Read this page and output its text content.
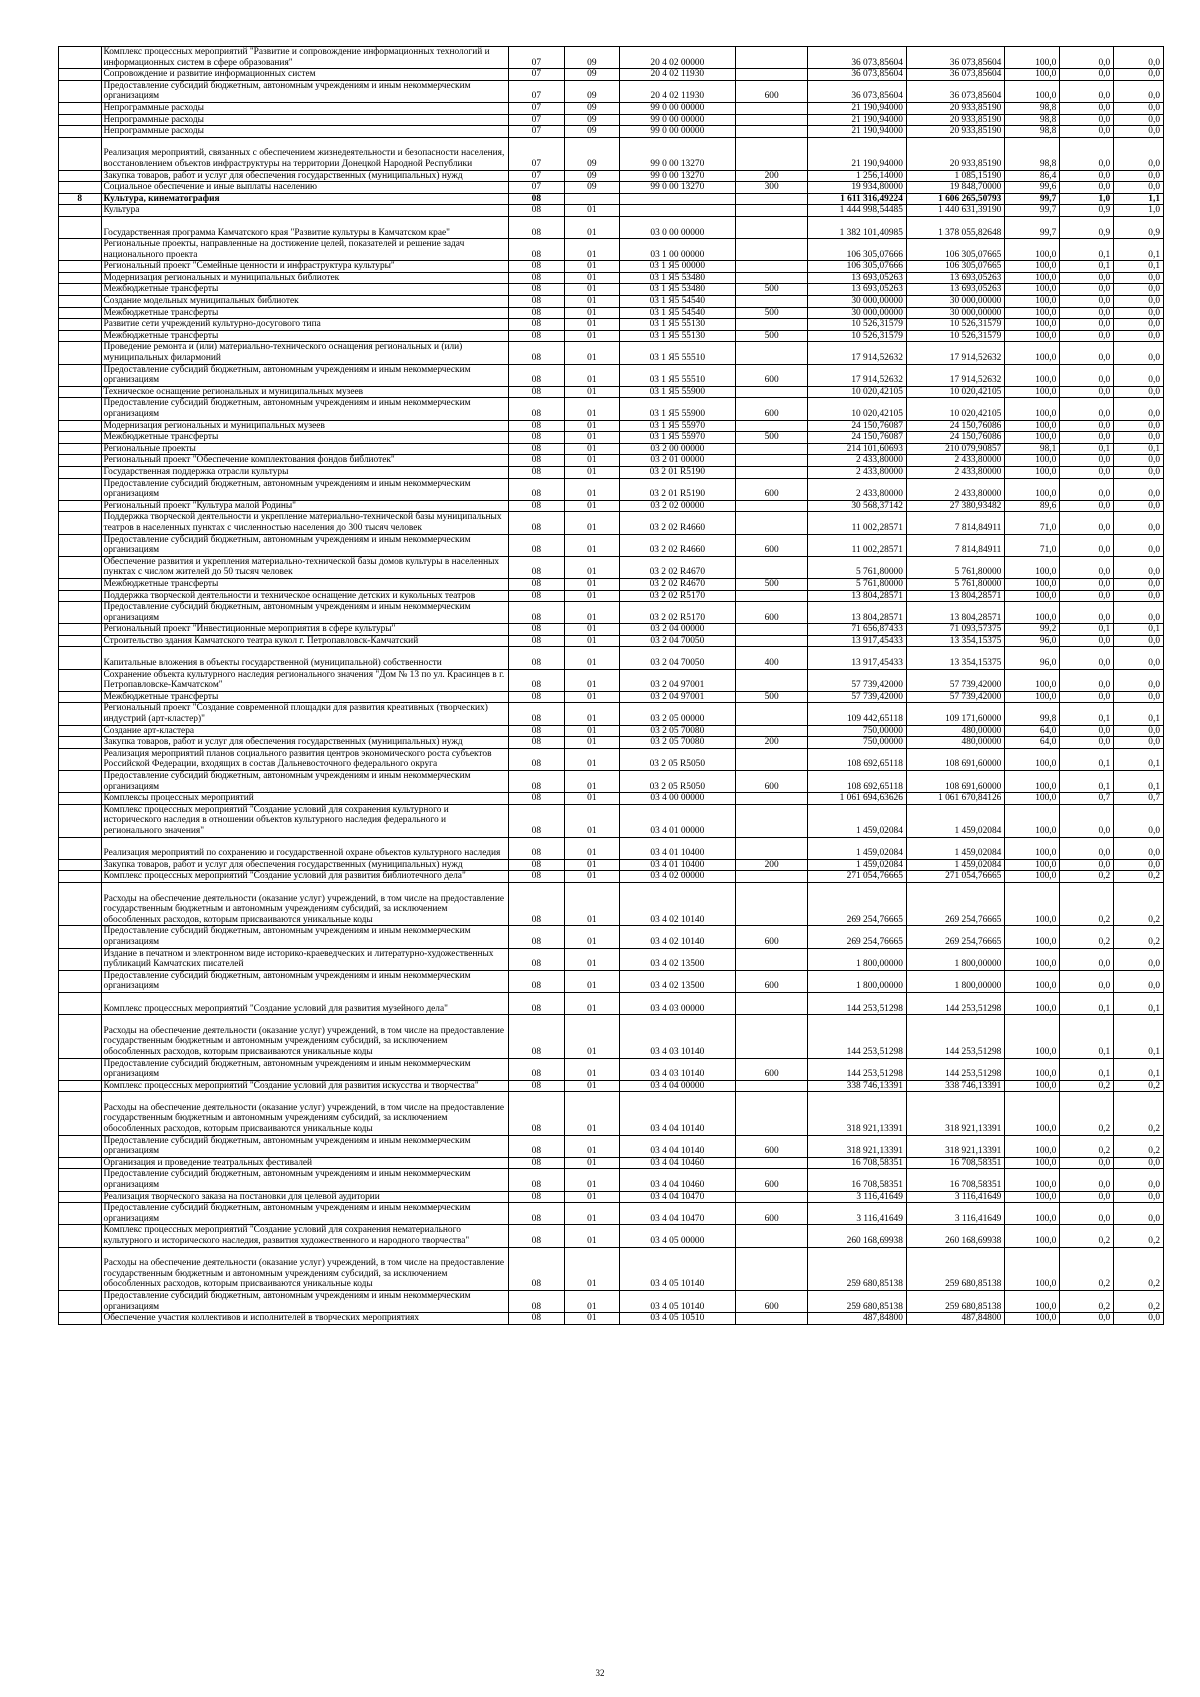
	Комплекс процессных мероприятий "Развитие и сопровождение информационных технологий и информационных систем в сфере образования"	07	09	20 4 02 00000		36 073,85604	36 073,85604	100,0	0,0	0,0
	Сопровождение и развитие информационных систем	07	09	20 4 02 11930		36 073,85604	36 073,85604	100,0	0,0	0,0
	Предоставление субсидий бюджетным, автономным учреждениям и иным некоммерческим организациям	07	09	20 4 02 11930	600	36 073,85604	36 073,85604	100,0	0,0	0,0
	Непрограммные расходы	07	09	99 0 00 00000		21 190,94000	20 933,85190	98,8	0,0	0,0
	Непрограммные расходы	07	09	99 0 00 00000		21 190,94000	20 933,85190	98,8	0,0	0,0
	Непрограммные расходы	07	09	99 0 00 00000		21 190,94000	20 933,85190	98,8	0,0	0,0
	Реализация мероприятий, связанных с обеспечением жизнедеятельности и безопасности населения, восстановлением объектов инфраструктуры на территории Донецкой Народной Республики	07	09	99 0 00 13270		21 190,94000	20 933,85190	98,8	0,0	0,0
	Закупка товаров, работ и услуг для обеспечения государственных (муниципальных) нужд	07	09	99 0 00 13270	200	1 256,14000	1 085,15190	86,4	0,0	0,0
	Социальное обеспечение и иные выплаты населению	07	09	99 0 00 13270	300	19 934,80000	19 848,70000	99,6	0,0	0,0
8	Культура, кинематография	08				1 611 316,49224	1 606 265,50793	99,7	1,0	1,1
	Культура	08	01			1 444 998,54485	1 440 631,39190	99,7	0,9	1,0
	Государственная программа Камчатского края "Развитие культуры в Камчатском крае"	08	01	03 0 00 00000		1 382 101,40985	1 378 055,82648	99,7	0,9	0,9
	Региональные проекты, направленные на достижение целей, показателей и решение задач национального проекта	08	01	03 1 00 00000		106 305,07666	106 305,07665	100,0	0,1	0,1
	Региональный проект "Семейные ценности и инфраструктура культуры"	08	01	03 1 Я5 00000		106 305,07666	106 305,07665	100,0	0,1	0,1
	Модернизация региональных и муниципальных библиотек	08	01	03 1 Я5 53480		13 693,05263	13 693,05263	100,0	0,0	0,0
	Межбюджетные трансферты	08	01	03 1 Я5 53480	500	13 693,05263	13 693,05263	100,0	0,0	0,0
	Создание модельных муниципальных библиотек	08	01	03 1 Я5 54540		30 000,00000	30 000,00000	100,0	0,0	0,0
	Межбюджетные трансферты	08	01	03 1 Я5 54540	500	30 000,00000	30 000,00000	100,0	0,0	0,0
	Развитие сети учреждений культурно-досугового типа	08	01	03 1 Я5 55130		10 526,31579	10 526,31579	100,0	0,0	0,0
	Межбюджетные трансферты	08	01	03 1 Я5 55130	500	10 526,31579	10 526,31579	100,0	0,0	0,0
	Проведение ремонта и (или) материально-технического оснащения региональных и (или) муниципальных филармоний	08	01	03 1 Я5 55510		17 914,52632	17 914,52632	100,0	0,0	0,0
	Предоставление субсидий бюджетным, автономным учреждениям и иным некоммерческим организациям	08	01	03 1 Я5 55510	600	17 914,52632	17 914,52632	100,0	0,0	0,0
	Техническое оснащение региональных и муниципальных музеев	08	01	03 1 Я5 55900		10 020,42105	10 020,42105	100,0	0,0	0,0
	Предоставление субсидий бюджетным, автономным учреждениям и иным некоммерческим организациям	08	01	03 1 Я5 55900	600	10 020,42105	10 020,42105	100,0	0,0	0,0
	Модернизация региональных и муниципальных музеев	08	01	03 1 Я5 55970		24 150,76087	24 150,76086	100,0	0,0	0,0
	Межбюджетные трансферты	08	01	03 1 Я5 55970	500	24 150,76087	24 150,76086	100,0	0,0	0,0
	Региональные проекты	08	01	03 2 00 00000		214 101,60693	210 079,90857	98,1	0,1	0,1
	Региональный проект "Обеспечение комплектования фондов библиотек"	08	01	03 2 01 00000		2 433,80000	2 433,80000	100,0	0,0	0,0
	Государственная поддержка отрасли культуры	08	01	03 2 01 R5190		2 433,80000	2 433,80000	100,0	0,0	0,0
	Предоставление субсидий бюджетным, автономным учреждениям и иным некоммерческим организациям	08	01	03 2 01 R5190	600	2 433,80000	2 433,80000	100,0	0,0	0,0
	Региональный проект "Культура малой Родины"	08	01	03 2 02 00000		30 568,37142	27 380,93482	89,6	0,0	0,0
	Поддержка творческой деятельности и укрепление материально-технической базы муниципальных театров в населенных пунктах с численностью населения до 300 тысяч человек	08	01	03 2 02 R4660		11 002,28571	7 814,84911	71,0	0,0	0,0
	Предоставление субсидий бюджетным, автономным учреждениям и иным некоммерческим организациям	08	01	03 2 02 R4660	600	11 002,28571	7 814,84911	71,0	0,0	0,0
	Обеспечение развития и укрепления материально-технической базы домов культуры в населенных пунктах с числом жителей до 50 тысяч человек	08	01	03 2 02 R4670		5 761,80000	5 761,80000	100,0	0,0	0,0
	Межбюджетные трансферты	08	01	03 2 02 R4670	500	5 761,80000	5 761,80000	100,0	0,0	0,0
	Поддержка творческой деятельности и техническое оснащение детских и кукольных театров	08	01	03 2 02 R5170		13 804,28571	13 804,28571	100,0	0,0	0,0
	Предоставление субсидий бюджетным, автономным учреждениям и иным некоммерческим организациям	08	01	03 2 02 R5170	600	13 804,28571	13 804,28571	100,0	0,0	0,0
	Региональный проект "Инвестиционные мероприятия в сфере культуры"	08	01	03 2 04 00000		71 656,87433	71 093,57375	99,2	0,1	0,1
	Строительство здания Камчатского театра кукол г. Петропавловск-Камчатский	08	01	03 2 04 70050		13 917,45433	13 354,15375	96,0	0,0	0,0
	Капитальные вложения в объекты государственной (муниципальной) собственности	08	01	03 2 04 70050	400	13 917,45433	13 354,15375	96,0	0,0	0,0
	Сохранение объекта культурного наследия регионального значения "Дом № 13 по ул. Красинцев в г. Петропавловске-Камчатском"	08	01	03 2 04 97001		57 739,42000	57 739,42000	100,0	0,0	0,0
	Межбюджетные трансферты	08	01	03 2 04 97001	500	57 739,42000	57 739,42000	100,0	0,0	0,0
	Региональный проект "Создание современной площадки для развития креативных (творческих) индустрий (арт-кластер)"	08	01	03 2 05 00000		109 442,65118	109 171,60000	99,8	0,1	0,1
	Создание арт-кластера	08	01	03 2 05 70080		750,00000	480,00000	64,0	0,0	0,0
	Закупка товаров, работ и услуг для обеспечения государственных (муниципальных) нужд	08	01	03 2 05 70080	200	750,00000	480,00000	64,0	0,0	0,0
	Реализация мероприятий планов социального развития центров экономического роста субъектов Российской Федерации, входящих в состав Дальневосточного федерального округа	08	01	03 2 05 R5050		108 692,65118	108 691,60000	100,0	0,1	0,1
	Предоставление субсидий бюджетным, автономным учреждениям и иным некоммерческим организациям	08	01	03 2 05 R5050	600	108 692,65118	108 691,60000	100,0	0,1	0,1
	Комплексы процессных мероприятий	08	01	03 4 00 00000		1 061 694,63626	1 061 670,84126	100,0	0,7	0,7
	Комплекс процессных мероприятий "Создание условий для сохранения культурного и исторического наследия в отношении объектов культурного наследия федерального и регионального значения"	08	01	03 4 01 00000		1 459,02084	1 459,02084	100,0	0,0	0,0
	Реализация мероприятий по сохранению и государственной охране объектов культурного наследия	08	01	03 4 01 10400		1 459,02084	1 459,02084	100,0	0,0	0,0
	Закупка товаров, работ и услуг для обеспечения государственных (муниципальных) нужд	08	01	03 4 01 10400	200	1 459,02084	1 459,02084	100,0	0,0	0,0
	Комплекс процессных мероприятий "Создание условий для развития библиотечного дела"	08	01	03 4 02 00000		271 054,76665	271 054,76665	100,0	0,2	0,2
	Расходы на обеспечение деятельности (оказание услуг) учреждений, в том числе на предоставление государственным бюджетным и автономным учреждениям субсидий, за исключением обособленных расходов, которым присваиваются уникальные коды	08	01	03 4 02 10140		269 254,76665	269 254,76665	100,0	0,2	0,2
	Предоставление субсидий бюджетным, автономным учреждениям и иным некоммерческим организациям	08	01	03 4 02 10140	600	269 254,76665	269 254,76665	100,0	0,2	0,2
	Издание в печатном и электронном виде историко-краеведческих и литературно-художественных публикаций Камчатских писателей	08	01	03 4 02 13500		1 800,00000	1 800,00000	100,0	0,0	0,0
	Предоставление субсидий бюджетным, автономным учреждениям и иным некоммерческим организациям	08	01	03 4 02 13500	600	1 800,00000	1 800,00000	100,0	0,0	0,0
	Комплекс процессных мероприятий "Создание условий для развития музейного дела"	08	01	03 4 03 00000		144 253,51298	144 253,51298	100,0	0,1	0,1
	Расходы на обеспечение деятельности (оказание услуг) учреждений, в том числе на предоставление государственным бюджетным и автономным учреждениям субсидий, за исключением обособленных расходов, которым присваиваются уникальные коды	08	01	03 4 03 10140		144 253,51298	144 253,51298	100,0	0,1	0,1
	Предоставление субсидий бюджетным, автономным учреждениям и иным некоммерческим организациям	08	01	03 4 03 10140	600	144 253,51298	144 253,51298	100,0	0,1	0,1
	Комплекс процессных мероприятий "Создание условий для развития искусства и творчества"	08	01	03 4 04 00000		338 746,13391	338 746,13391	100,0	0,2	0,2
	Расходы на обеспечение деятельности (оказание услуг) учреждений, в том числе на предоставление государственным бюджетным и автономным учреждениям субсидий, за исключением обособленных расходов, которым присваиваются уникальные коды	08	01	03 4 04 10140		318 921,13391	318 921,13391	100,0	0,2	0,2
	Предоставление субсидий бюджетным, автономным учреждениям и иным некоммерческим организациям	08	01	03 4 04 10140	600	318 921,13391	318 921,13391	100,0	0,2	0,2
	Организация и проведение театральных фестивалей	08	01	03 4 04 10460		16 708,58351	16 708,58351	100,0	0,0	0,0
	Предоставление субсидий бюджетным, автономным учреждениям и иным некоммерческим организациям	08	01	03 4 04 10460	600	16 708,58351	16 708,58351	100,0	0,0	0,0
	Реализация творческого заказа на постановки для целевой аудитории	08	01	03 4 04 10470		3 116,41649	3 116,41649	100,0	0,0	0,0
	Предоставление субсидий бюджетным, автономным учреждениям и иным некоммерческим организациям	08	01	03 4 04 10470	600	3 116,41649	3 116,41649	100,0	0,0	0,0
	Комплекс процессных мероприятий "Создание условий для сохранения нематериального культурного и исторического наследия, развития художественного и народного творчества"	08	01	03 4 05 00000		260 168,69938	260 168,69938	100,0	0,2	0,2
	Расходы на обеспечение деятельности (оказание услуг) учреждений, в том числе на предоставление государственным бюджетным и автономным учреждениям субсидий, за исключением обособленных расходов, которым присваиваются уникальные коды	08	01	03 4 05 10140		259 680,85138	259 680,85138	100,0	0,2	0,2
	Предоставление субсидий бюджетным, автономным учреждениям и иным некоммерческим организациям	08	01	03 4 05 10140	600	259 680,85138	259 680,85138	100,0	0,2	0,2
	Обеспечение участия коллективов и исполнителей в творческих мероприятиях	08	01	03 4 05 10510		487,84800	487,84800	100,0	0,0	0,0
32
